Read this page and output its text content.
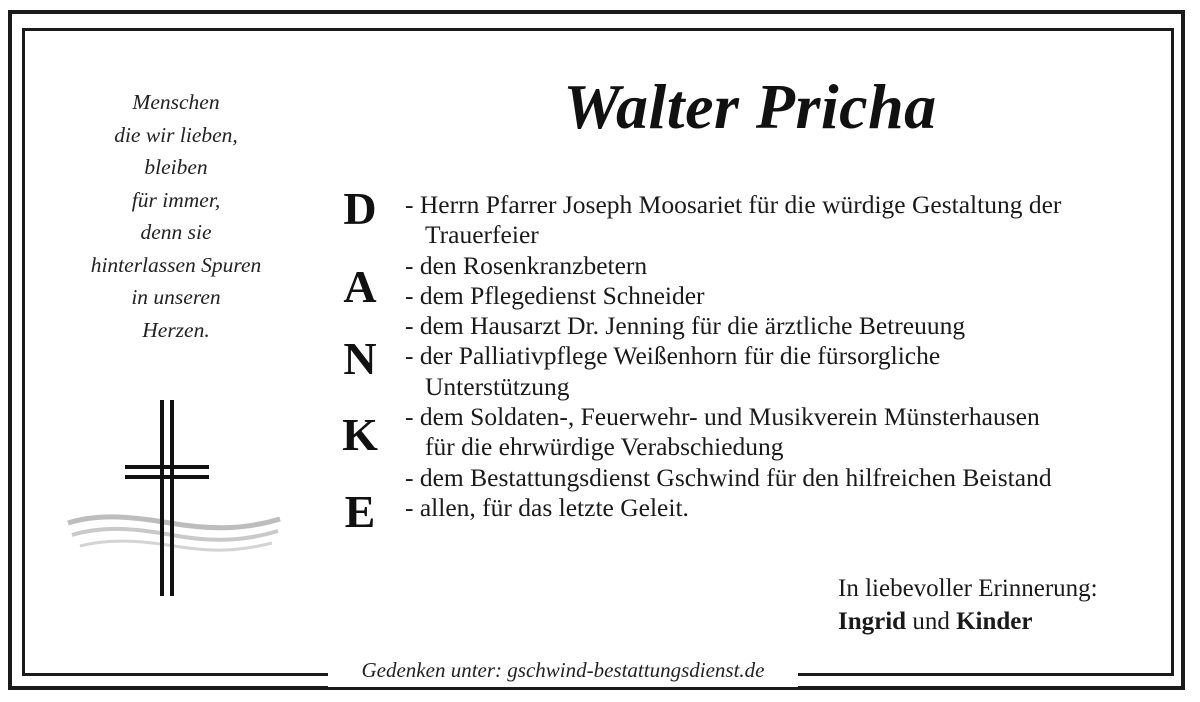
Menschen
die wir lieben,
bleiben
für immer,
denn sie
hinterlassen Spuren
in unseren
Herzen.
Walter Pricha
D
A
N
K
E
- Herrn Pfarrer Joseph Moosariet für die würdige Gestaltung der
Trauerfeier
- den Rosenkranzbetern
- dem Pflegedienst Schneider
- dem Hausarzt Dr. Jenning für die ärztliche Betreuung
- der Palliativpflege Weißenhorn für die fürsorgliche
Unterstützung
- dem Soldaten-, Feuerwehr- und Musikverein Münsterhausen
für die ehrwürdige Verabschiedung
- dem Bestattungsdienst Gschwind für den hilfreichen Beistand
- allen, für das letzte Geleit.
In liebevoller Erinnerung:
Ingrid und Kinder
Gedenken unter: gschwind-bestattungsdienst.de
